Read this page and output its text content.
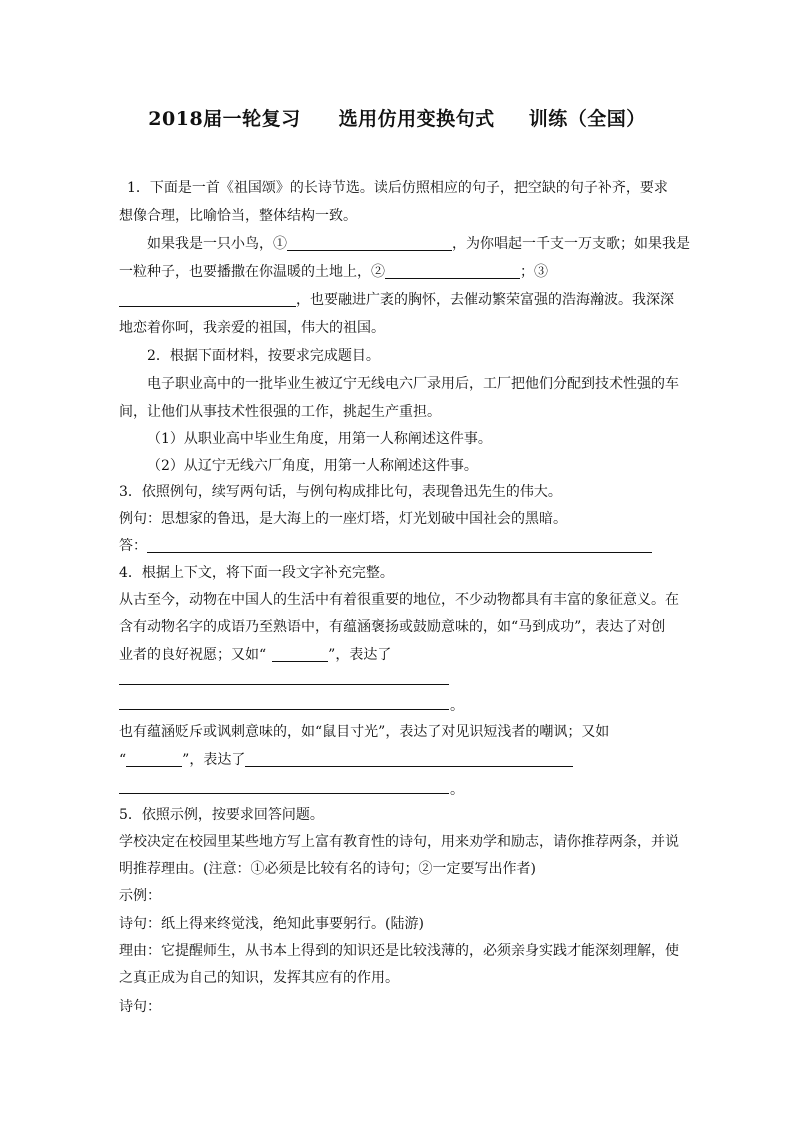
2018届一轮复习 选用仿用变换句式 训练（全国）
1．下面是一首《祖国颂》的长诗节选。读后仿照相应的句子，把空缺的句子补齐，要求
想像合理，比喻恰当，整体结构一致。
如果我是一只小鸟，①	，为你唱起一千支一万支歌；如果我是
一粒种子，也要播撒在你温暖的土地上，②	；③
，也要融进广袤的胸怀，去催动繁荣富强的浩海瀚波。我深深
地恋着你呵，我亲爱的祖国，伟大的祖国。
2．根据下面材料，按要求完成题目。
电子职业高中的一批毕业生被辽宁无线电六厂录用后，工厂把他们分配到技术性强的车
间，让他们从事技术性很强的工作，挑起生产重担。
（1）从职业高中毕业生角度，用第一人称阐述这件事。
（2）从辽宁无线六厂角度，用第一人称阐述这件事。
3．依照例句，续写两句话，与例句构成排比句，表现鲁迅先生的伟大。
例句：思想家的鲁迅，是大海上的一座灯塔，灯光划破中国社会的黑暗。
答：
4．根据上下文，将下面一段文字补充完整。
从古至今，动物在中国人的生活中有着很重要的地位，不少动物都具有丰富的象征意义。在
含有动物名字的成语乃至熟语中，有蕴涵褒扬或鼓励意味的，如“马到成功”，表达了对创
业者的良好祝愿；又如“	”，表达了
。
也有蕴涵贬斥或讽刺意味的，如“鼠目寸光”，表达了对见识短浅者的嘲讽；又如
“	”，表达了
。
5．依照示例，按要求回答问题。
学校决定在校园里某些地方写上富有教育性的诗句，用来劝学和励志，请你推荐两条，并说
明推荐理由。(注意：①必须是比较有名的诗句；②一定要写出作者)
示例：
诗句：纸上得来终觉浅，绝知此事要躬行。(陆游)
理由：它提醒师生，从书本上得到的知识还是比较浅薄的，必须亲身实践才能深刻理解，使
之真正成为自己的知识，发挥其应有的作用。
诗句：
